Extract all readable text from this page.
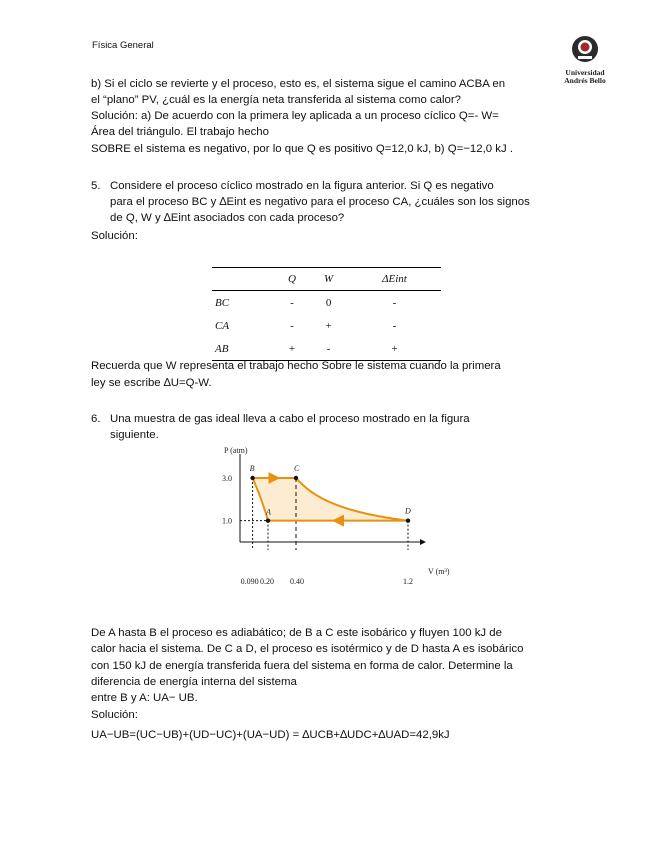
Física General
Universidad
Andrés Bello
b) Si el ciclo se revierte y el proceso, esto es, el sistema sigue el camino ACBA en
el “plano” PV, ¿cuál es la energía neta transferida al sistema como calor?
Solución: a) De acuerdo con la primera ley aplicada a un proceso cíclico Q=- W=
Área del triángulo. El trabajo hecho
SOBRE el sistema es negativo, por lo que Q es positivo Q=12,0 kJ, b) Q=−12,0 kJ .
5. Considere el proceso cíclico mostrado en la figura anterior. Si Q es negativo
para el proceso BC y ∆Eint es negativo para el proceso CA, ¿cuáles son los signos
de Q, W y ∆Eint asociados con cada proceso?
Solución:
	Q	W	ΔEint
BC	-	0	-
CA	-	+	-
AB	+	-	+
Recuerda que W representa el trabajo hecho Sobre le sistema cuando la primera
ley se escribe ∆U=Q-W.
6. Una muestra de gas ideal lleva a cabo el proceso mostrado en la figura
siguiente.
P (atm)
V (m³)
3.0
1.0
0.090 0.20 0.40	1.2
A
B	C
D
De A hasta B el proceso es adiabático; de B a C este isobárico y fluyen 100 kJ de
calor hacia el sistema. De C a D, el proceso es isotérmico y de D hasta A es isobárico
con 150 kJ de energía transferida fuera del sistema en forma de calor. Determine la
diferencia de energía interna del sistema
entre B y A: UA− UB.
Solución:
UA−UB=(UC−UB)+(UD−UC)+(UA−UD) = ∆UCB+∆UDC+∆UAD=42,9kJ
